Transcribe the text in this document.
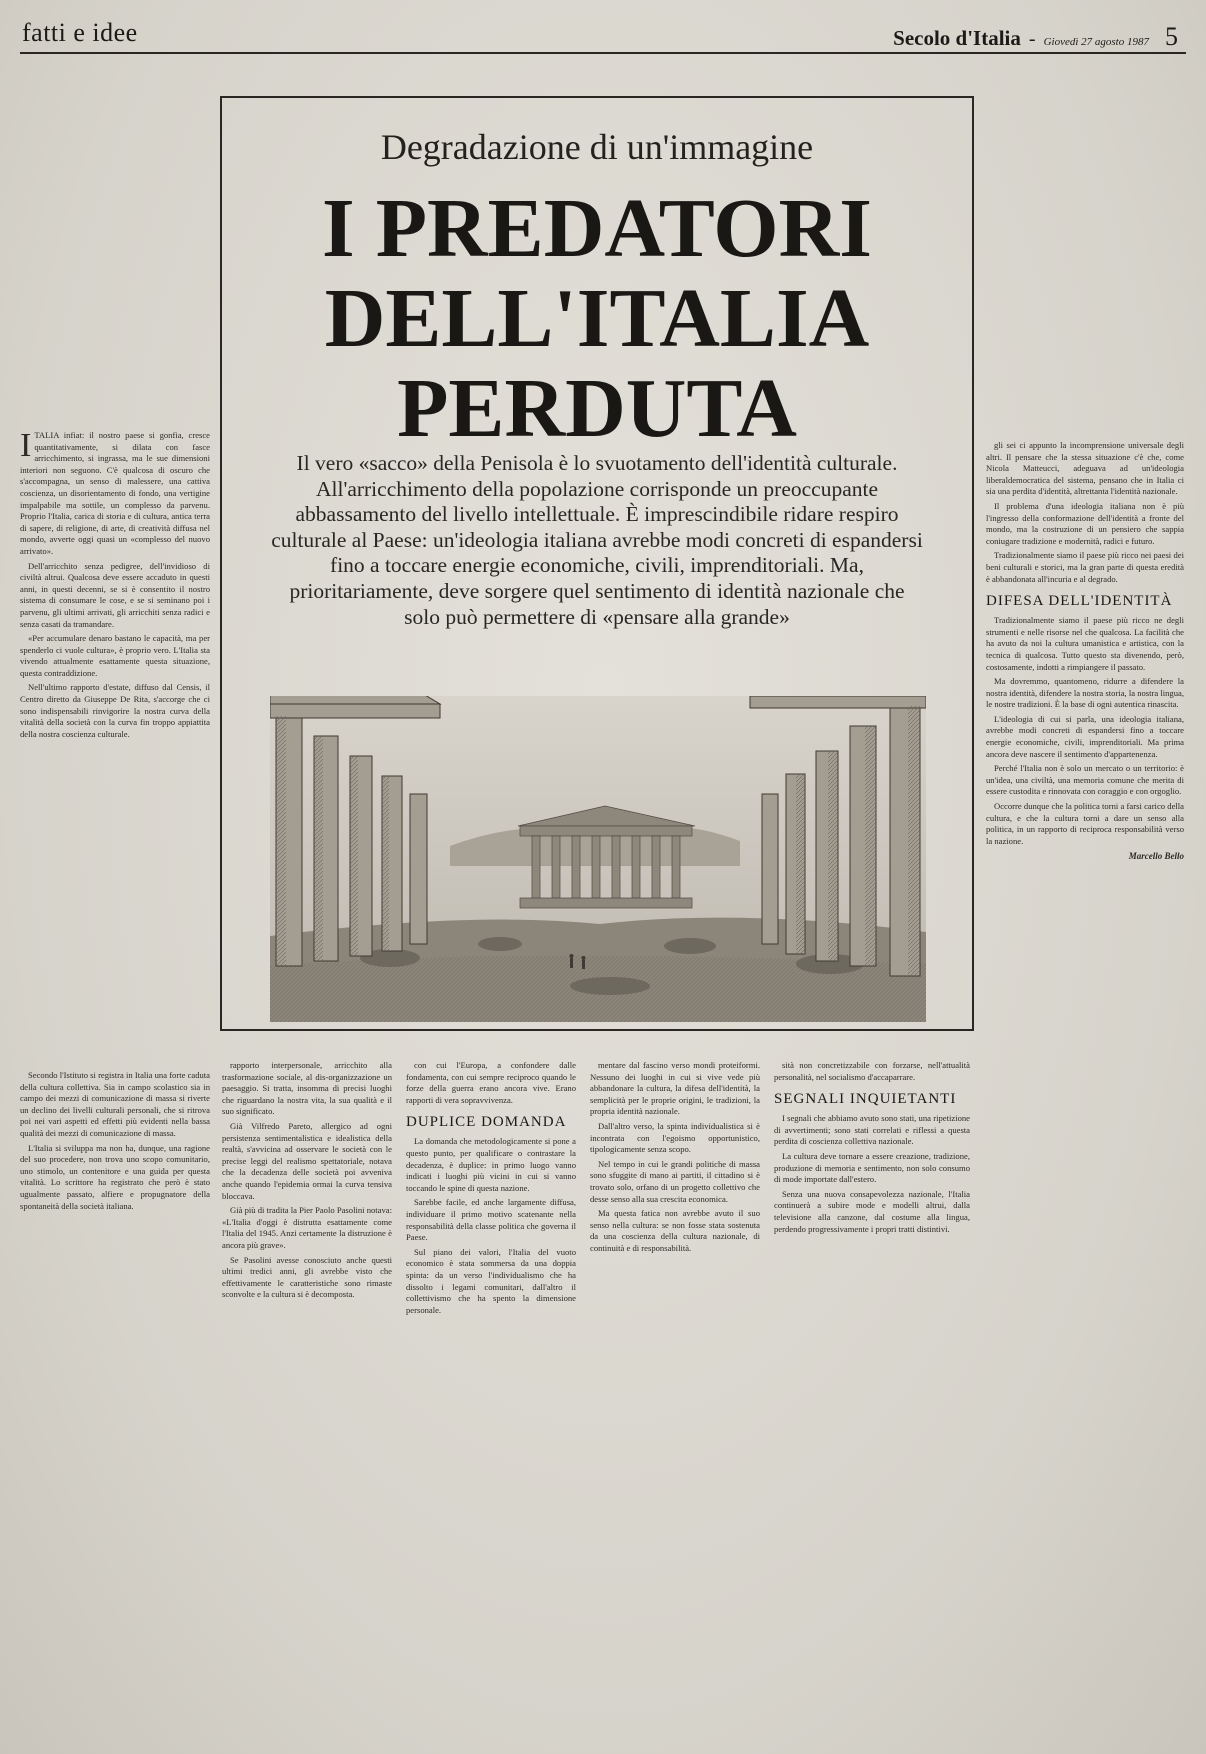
fatti e idee	Secolo d'Italia - Giovedì 27 agosto 1987 5
I TALIA infiat: il nostro paese si gonfia, cresce quantitativamente, si dilata con fasce arricchimento, si ingrassa, ma le sue dimensioni interiori non seguono. C'è qualcosa di oscuro che s'accompagna, un senso di malessere, una cattiva coscienza, un disorientamento di fondo, una vertigine impalpabile ma sottile, un complesso da parvenu. Proprio l'Italia, carica di storia e di cultura, antica terra di sapere, di religione, di arte, di creatività diffusa nel mondo, avverte oggi quasi un «complesso del nuovo arrivato».

Dell'arricchito senza pedigree, dell'invidioso di civiltà altrui. Qualcosa deve essere accaduto in questi anni, in questi decenni, se si è consentito il nostro sistema di consumare le cose, e se si seminano poi i parvenu, gli ultimi arrivati, gli arricchiti senza radici e senza casati da tramandare.

«Per accumulare denaro bastano le capacità, ma per spenderlo ci vuole cultura», è proprio vero. L'Italia sta vivendo attualmente esattamente questa situazione, questa contraddizione.

Nell'ultimo rapporto d'estate, diffuso dal Censis, il Centro diretto da Giuseppe De Rita, s'accorge che ci sono indispensabili rinvigorire la nostra curva della vitalità della società con la curva fin troppo appiattita della nostra coscienza culturale.

Degradazione di un'immagine
I PREDATORI
DELL'ITALIA
PERDUTA
Il vero «sacco» della Penisola è lo svuotamento dell'identità culturale. All'arricchimento della popolazione corrisponde un preoccupante abbassamento del livello intellettuale. È imprescindibile ridare respiro culturale al Paese: un'ideologia italiana avrebbe modi concreti di espandersi fino a toccare energie economiche, civili, imprenditoriali. Ma, prioritariamente, deve sorgere quel sentimento di identità nazionale che solo può permettere di «pensare alla grande»

rapporto interpersonale, arricchito alla trasformazione sociale, al dis-organizzazione un paesaggio. Si tratta, insomma di precisi luoghi che riguardano la nostra vita, la sua qualità e il suo significato.

Già Vilfredo Pareto, allergico ad ogni persistenza sentimentalistica e idealistica della realtà, s'avvicina ad osservare le società con le precise leggi del realismo spettatoriale, notava che la decadenza delle società poi avveniva anche quando l'epidemia ormai la curva tensiva bloccava.

Già più di tradita la Pier Paolo Pasolini notava: «L'Italia d'oggi è distrutta esattamente come l'Italia del 1945. Anzi certamente la distruzione è ancora più grave».

Se Pasolini avesse conosciuto anche questi ultimi tredici anni, gli avrebbe visto che effettivamente le caratteristiche sono rimaste sconvolte e la cultura si è decomposta.

con cui l'Europa, a confondere dalle fondamenta, con cui sempre reciproco quando le forze della guerra erano ancora vive. Erano rapporti di vera sopravvivenza.

DUPLICE DOMANDA

La domanda che metodologicamente si pone a questo punto, per qualificare o contrastare la decadenza, è duplice: in primo luogo vanno indicati i luoghi più vicini in cui si vanno toccando le spine di questa nazione.

Sarebbe facile, ed anche largamente diffusa, individuare il primo motivo scatenante nella responsabilità della classe politica che governa il Paese.

Sul piano dei valori, l'Italia del vuoto economico è stata sommersa da una doppia spinta: da un verso l'individualismo che ha dissolto i legami comunitari, dall'altro il collettivismo che ha spento la dimensione personale.

mentare dal fascino verso mondi proteiformi. Nessuno dei luoghi in cui si vive vede più abbandonare la cultura, la difesa dell'identità, la semplicità per le proprie origini, le tradizioni, la propria identità nazionale.

Dall'altro verso, la spinta individualistica si è incontrata con l'egoismo opportunistico, tipologicamente senza scopo.

Nel tempo in cui le grandi politiche di massa sono sfuggite di mano ai partiti, il cittadino si è trovato solo, orfano di un progetto collettivo che desse senso alla sua crescita economica.

Ma questa fatica non avrebbe avuto il suo senso nella cultura: se non fosse stata sostenuta da una coscienza della cultura nazionale, di continuità e di responsabilità.

sità non concretizzabile con forzarse, nell'attualità personalità, nel socialismo d'accaparrare.

SEGNALI INQUIETANTI

I segnali che abbiamo avuto sono stati, una ripetizione di avvertimenti; sono stati correlati e riflessi a questa perdita di coscienza collettiva nazionale.

La cultura deve tornare a essere creazione, tradizione, produzione di memoria e sentimento, non solo consumo di mode importate dall'estero.

Senza una nuova consapevolezza nazionale, l'Italia continuerà a subire mode e modelli altrui, dalla televisione alla canzone, dal costume alla lingua, perdendo progressivamente i propri tratti distintivi.

Secondo l'Istituto si registra in Italia una forte caduta della cultura collettiva. Sia in campo scolastico sia in campo dei mezzi di comunicazione di massa si riverte un declino dei livelli culturali personali, che si ritrova poi nei vari aspetti ed effetti più evidenti nella bassa qualità dei mezzi di comunicazione di massa.

L'Italia si sviluppa ma non ha, dunque, una ragione del suo procedere, non trova uno scopo comunitario, uno stimolo, un contenitore e una guida per questa vitalità. Lo scrittore ha registrato che però è stato ugualmente passato, alfiere e propugnatore della spontaneità della società italiana.

gli sei ci appunto la incomprensione universale degli altri. Il pensare che la stessa situazione c'è che, come Nicola Matteucci, adeguava ad un'ideologia liberaldemocratica del sistema, pensano che in Italia ci sia una perdita d'identità, altrettanta l'identità nazionale.

Il problema d'una ideologia italiana non è più l'ingresso della conformazione dell'identità a fronte del mondo, ma la costruzione di un pensiero che sappia coniugare tradizione e modernità, radici e futuro.

Tradizionalmente siamo il paese più ricco nei paesi dei beni culturali e storici, ma la gran parte di questa eredità è abbandonata all'incuria e al degrado.

DIFESA DELL'IDENTITÀ

Tradizionalmente siamo il paese più ricco ne degli strumenti e nelle risorse nel che qualcosa. La facilità che ha avuto da noi la cultura umanistica e artistica, con la tecnica di qualcosa. Tutto questo sta divenendo, però, costosamente, indotti a rimpiangere il passato.

Ma dovremmo, quantomeno, ridurre a difendere la nostra identità, difendere la nostra storia, la nostra lingua, le nostre tradizioni. È la base di ogni autentica rinascita.

L'ideologia di cui si parla, una ideologia italiana, avrebbe modi concreti di espandersi fino a toccare energie economiche, civili, imprenditoriali. Ma prima ancora deve nascere il sentimento d'appartenenza.

Perché l'Italia non è solo un mercato o un territorio: è un'idea, una civiltà, una memoria comune che merita di essere custodita e rinnovata con coraggio e con orgoglio.

Occorre dunque che la politica torni a farsi carico della cultura, e che la cultura torni a dare un senso alla politica, in un rapporto di reciproca responsabilità verso la nazione.

Marcello Bello
